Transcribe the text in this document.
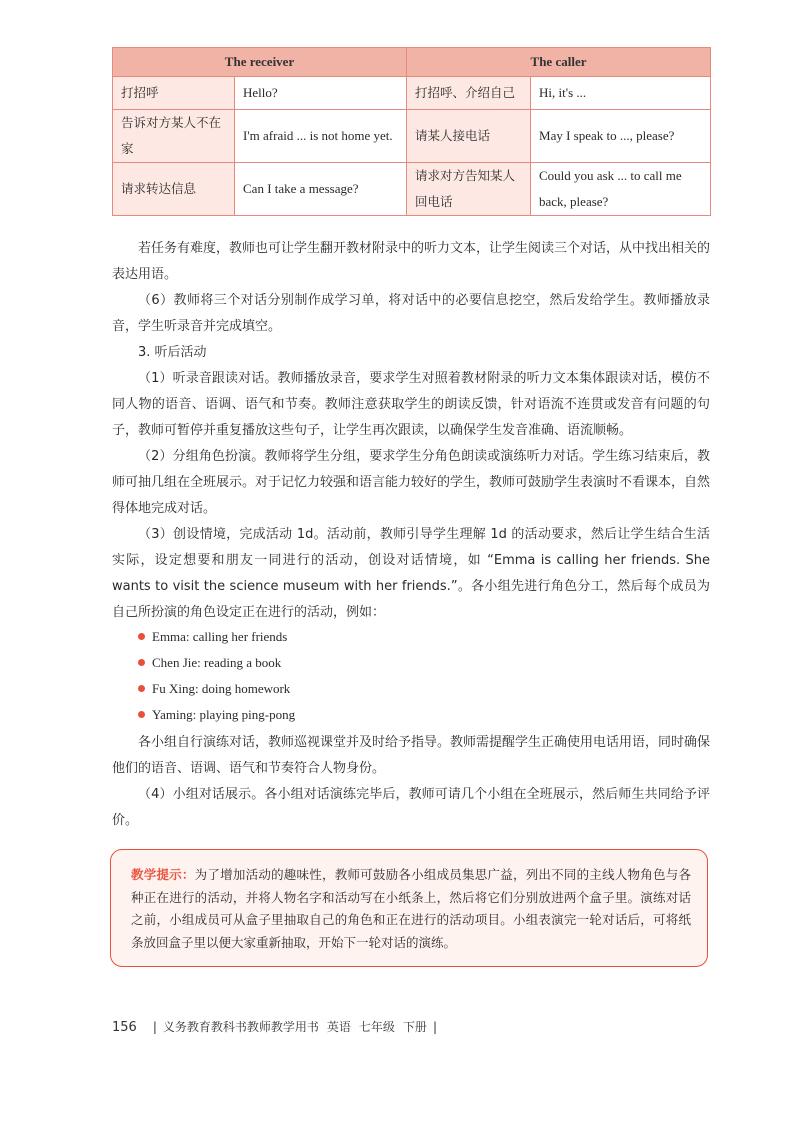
The receiver		The caller	
打招呼	Hello?	打招呼、介绍自己	Hi, it's ...
告诉对方某人不在家	I'm afraid ... is not home yet.	请某人接电话	May I speak to ..., please?
请求转达信息	Can I take a message?	请求对方告知某人回电话	Could you ask ... to call me back, please?

若任务有难度，教师也可让学生翻开教材附录中的听力文本，让学生阅读三个对话，从中找出相关的表达用语。

（6）教师将三个对话分别制作成学习单，将对话中的必要信息挖空，然后发给学生。教师播放录音，学生听录音并完成填空。

3. 听后活动

（1）听录音跟读对话。教师播放录音，要求学生对照着教材附录的听力文本集体跟读对话，模仿不同人物的语音、语调、语气和节奏。教师注意获取学生的朗读反馈，针对语流不连贯或发音有问题的句子，教师可暂停并重复播放这些句子，让学生再次跟读，以确保学生发音准确、语流顺畅。

（2）分组角色扮演。教师将学生分组，要求学生分角色朗读或演练听力对话。学生练习结束后，教师可抽几组在全班展示。对于记忆力较强和语言能力较好的学生，教师可鼓励学生表演时不看课本，自然得体地完成对话。

（3）创设情境，完成活动 1d。活动前，教师引导学生理解 1d 的活动要求，然后让学生结合生活实际，设定想要和朋友一同进行的活动，创设对话情境，如 “Emma is calling her friends. She wants to visit the science museum with her friends.”。各小组先进行角色分工，然后每个成员为自己所扮演的角色设定正在进行的活动，例如：

Emma: calling her friends
Chen Jie: reading a book
Fu Xing: doing homework
Yaming: playing ping-pong

各小组自行演练对话，教师巡视课堂并及时给予指导。教师需提醒学生正确使用电话用语，同时确保他们的语音、语调、语气和节奏符合人物身份。

（4）小组对话展示。各小组对话演练完毕后，教师可请几个小组在全班展示，然后师生共同给予评价。

教学提示：为了增加活动的趣味性，教师可鼓励各小组成员集思广益，列出不同的主线人物角色与各种正在进行的活动，并将人物名字和活动写在小纸条上，然后将它们分别放进两个盒子里。演练对话之前，小组成员可从盒子里抽取自己的角色和正在进行的活动项目。小组表演完一轮对话后，可将纸条放回盒子里以便大家重新抽取，开始下一轮对话的演练。

156 | 义务教育教科书教师教学用书 英语 七年级 下册 |
